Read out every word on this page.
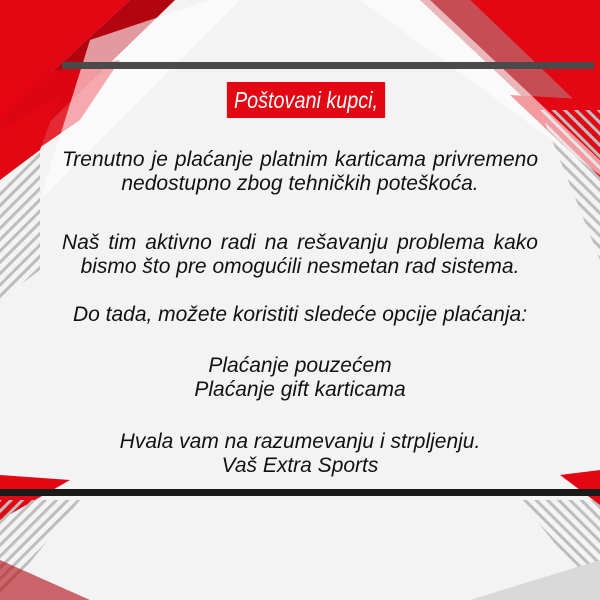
Poštovani kupci,
Trenutno je plaćanje platnim karticama privremeno
nedostupno zbog tehničkih poteškoća.
Naš tim aktivno radi na rešavanju problema kako
bismo što pre omogućili nesmetan rad sistema.
Do tada, možete koristiti sledeće opcije plaćanja:
Plaćanje pouzećem
Plaćanje gift karticama
Hvala vam na razumevanju i strpljenju.
Vaš Extra Sports
